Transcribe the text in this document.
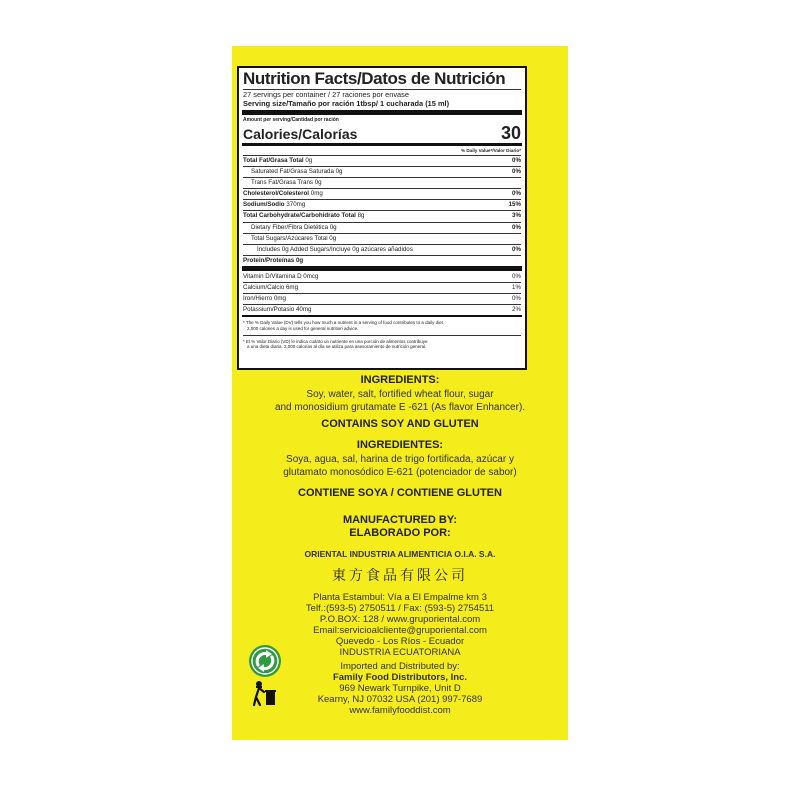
Nutrition Facts/Datos de Nutrición
27 servings per container / 27 raciones por envase
Serving size/Tamaño por ración 1tbsp/ 1 cucharada (15 ml)
Amount per serving/Cantidad por ración
Calories/Calorías	30
% Daily Value*/Valor Diario*
Total Fat/Grasa Total 0g	0%
Saturated Fat/Grasa Saturada 0g	0%
Trans Fat/Grasa Trans 0g
Cholesterol/Colesterol 0mg	0%
Sodium/Sodio 370mg	15%
Total Carbohydrate/Carbohidrato Total 8g	3%
Dietary Fiber/Fibra Dietética 0g	0%
Total Sugars/Azúcares Total 0g
Includes 0g Added Sugars/Incluye 0g azúcares añadidos	0%
Protein/Proteínas 0g
Vitamin D/Vitamina D 0mcg	0%
Calcium/Calcio 6mg	1%
Iron/Hierro 0mg	0%
Potassium/Potasio 40mg	2%
* The % Daily Value (DV) tells you how much a nutrient in a serving of food contributes to a daily diet.
2,000 calories a day is used for general nutrition advice.
* El % Valor Diario (VD) le indica cuánto un nutriente en una porción de alimentos contribuye
a una dieta diaria. 2,000 calorías al día se utiliza para asesoramiento de nutrición general.
INGREDIENTS:
Soy, water, salt, fortified wheat flour, sugar
and monosidium grutamate E -621 (As flavor Enhancer).
CONTAINS SOY AND GLUTEN
INGREDIENTES:
Soya, agua, sal, harina de trigo fortificada, azúcar y
glutamato monosódico E-621 (potenciador de sabor)
CONTIENE SOYA / CONTIENE GLUTEN
MANUFACTURED BY:
ELABORADO POR:
ORIENTAL INDUSTRIA ALIMENTICIA O.I.A. S.A.
東方食品有限公司
Planta Estambul: Vía a El Empalme km 3
Telf.:(593-5) 2750511 / Fax: (593-5) 2754511
P.O.BOX: 128 / www.gruporiental.com
Email:servicioalcliente@gruporiental.com
Quevedo - Los Ríos - Ecuador
INDUSTRIA ECUATORIANA
Imported and Distributed by:
Family Food Distributors, Inc.
969 Newark Turnpike, Unit D
Kearny, NJ 07032 USA (201) 997-7689
www.familyfooddist.com
